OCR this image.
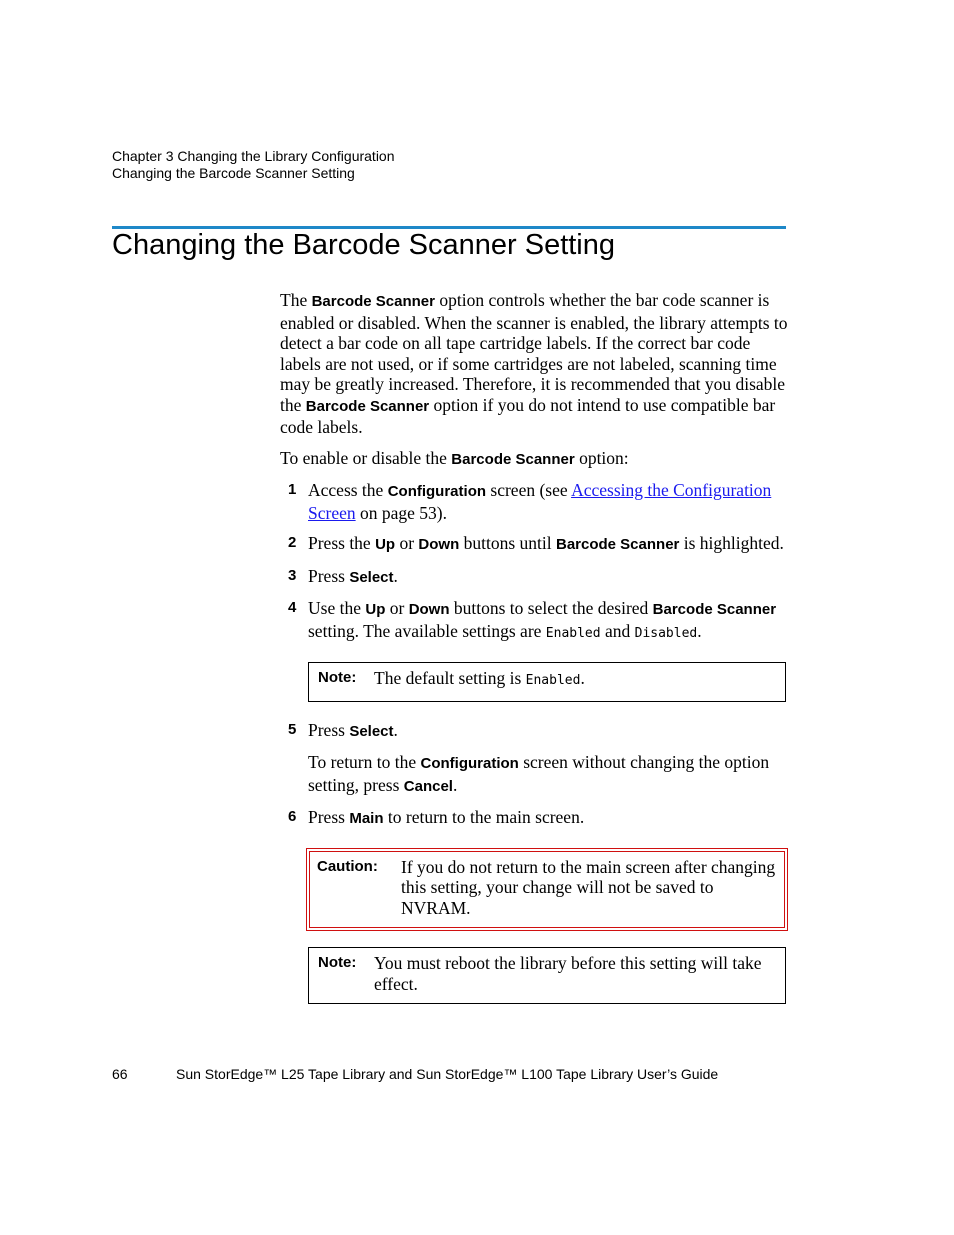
Chapter 3 Changing the Library Configuration
Changing the Barcode Scanner Setting
Changing the Barcode Scanner Setting

The Barcode Scanner option controls whether the bar code scanner is enabled or disabled. When the scanner is enabled, the library attempts to detect a bar code on all tape cartridge labels. If the correct bar code labels are not used, or if some cartridges are not labeled, scanning time may be greatly increased. Therefore, it is recommended that you disable the Barcode Scanner option if you do not intend to use compatible bar code labels.

To enable or disable the Barcode Scanner option:

1 Access the Configuration screen (see Accessing the Configuration Screen on page 53).
2 Press the Up or Down buttons until Barcode Scanner is highlighted.
3 Press Select.
4 Use the Up or Down buttons to select the desired Barcode Scanner setting. The available settings are Enabled and Disabled.
Note:	The default setting is Enabled.
5 Press Select.

To return to the Configuration screen without changing the option setting, press Cancel.

6 Press Main to return to the main screen.
Caution:	If you do not return to the main screen after changing this setting, your change will not be saved to NVRAM.
Note:	You must reboot the library before this setting will take effect.
66	Sun StorEdge™ L25 Tape Library and Sun StorEdge™ L100 Tape Library User’s Guide
